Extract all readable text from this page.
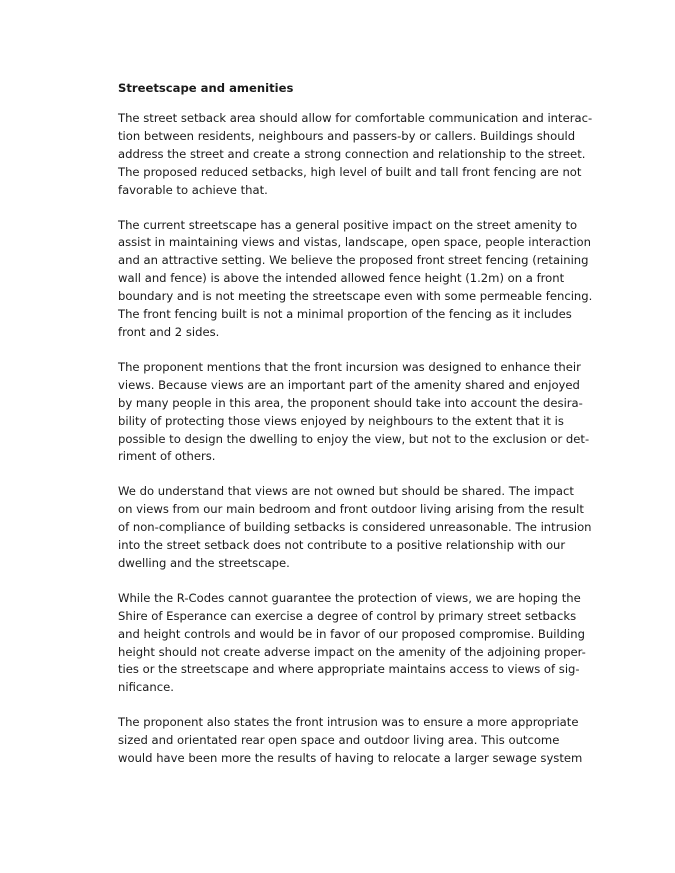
Streetscape and amenities
The street setback area should allow for comfortable communication and interac-
tion between residents, neighbours and passers-by or callers. Buildings should
address the street and create a strong connection and relationship to the street.
The proposed reduced setbacks, high level of built and tall front fencing are not
favorable to achieve that.
The current streetscape has a general positive impact on the street amenity to
assist in maintaining views and vistas, landscape, open space, people interaction
and an attractive setting. We believe the proposed front street fencing (retaining
wall and fence) is above the intended allowed fence height (1.2m) on a front
boundary and is not meeting the streetscape even with some permeable fencing.
The front fencing built is not a minimal proportion of the fencing as it includes
front and 2 sides.
The proponent mentions that the front incursion was designed to enhance their
views. Because views are an important part of the amenity shared and enjoyed
by many people in this area, the proponent should take into account the desira-
bility of protecting those views enjoyed by neighbours to the extent that it is
possible to design the dwelling to enjoy the view, but not to the exclusion or det-
riment of others.
We do understand that views are not owned but should be shared. The impact
on views from our main bedroom and front outdoor living arising from the result
of non-compliance of building setbacks is considered unreasonable. The intrusion
into the street setback does not contribute to a positive relationship with our
dwelling and the streetscape.
While the R-Codes cannot guarantee the protection of views, we are hoping the
Shire of Esperance can exercise a degree of control by primary street setbacks
and height controls and would be in favor of our proposed compromise. Building
height should not create adverse impact on the amenity of the adjoining proper-
ties or the streetscape and where appropriate maintains access to views of sig-
nificance.
The proponent also states the front intrusion was to ensure a more appropriate
sized and orientated rear open space and outdoor living area. This outcome
would have been more the results of having to relocate a larger sewage system
